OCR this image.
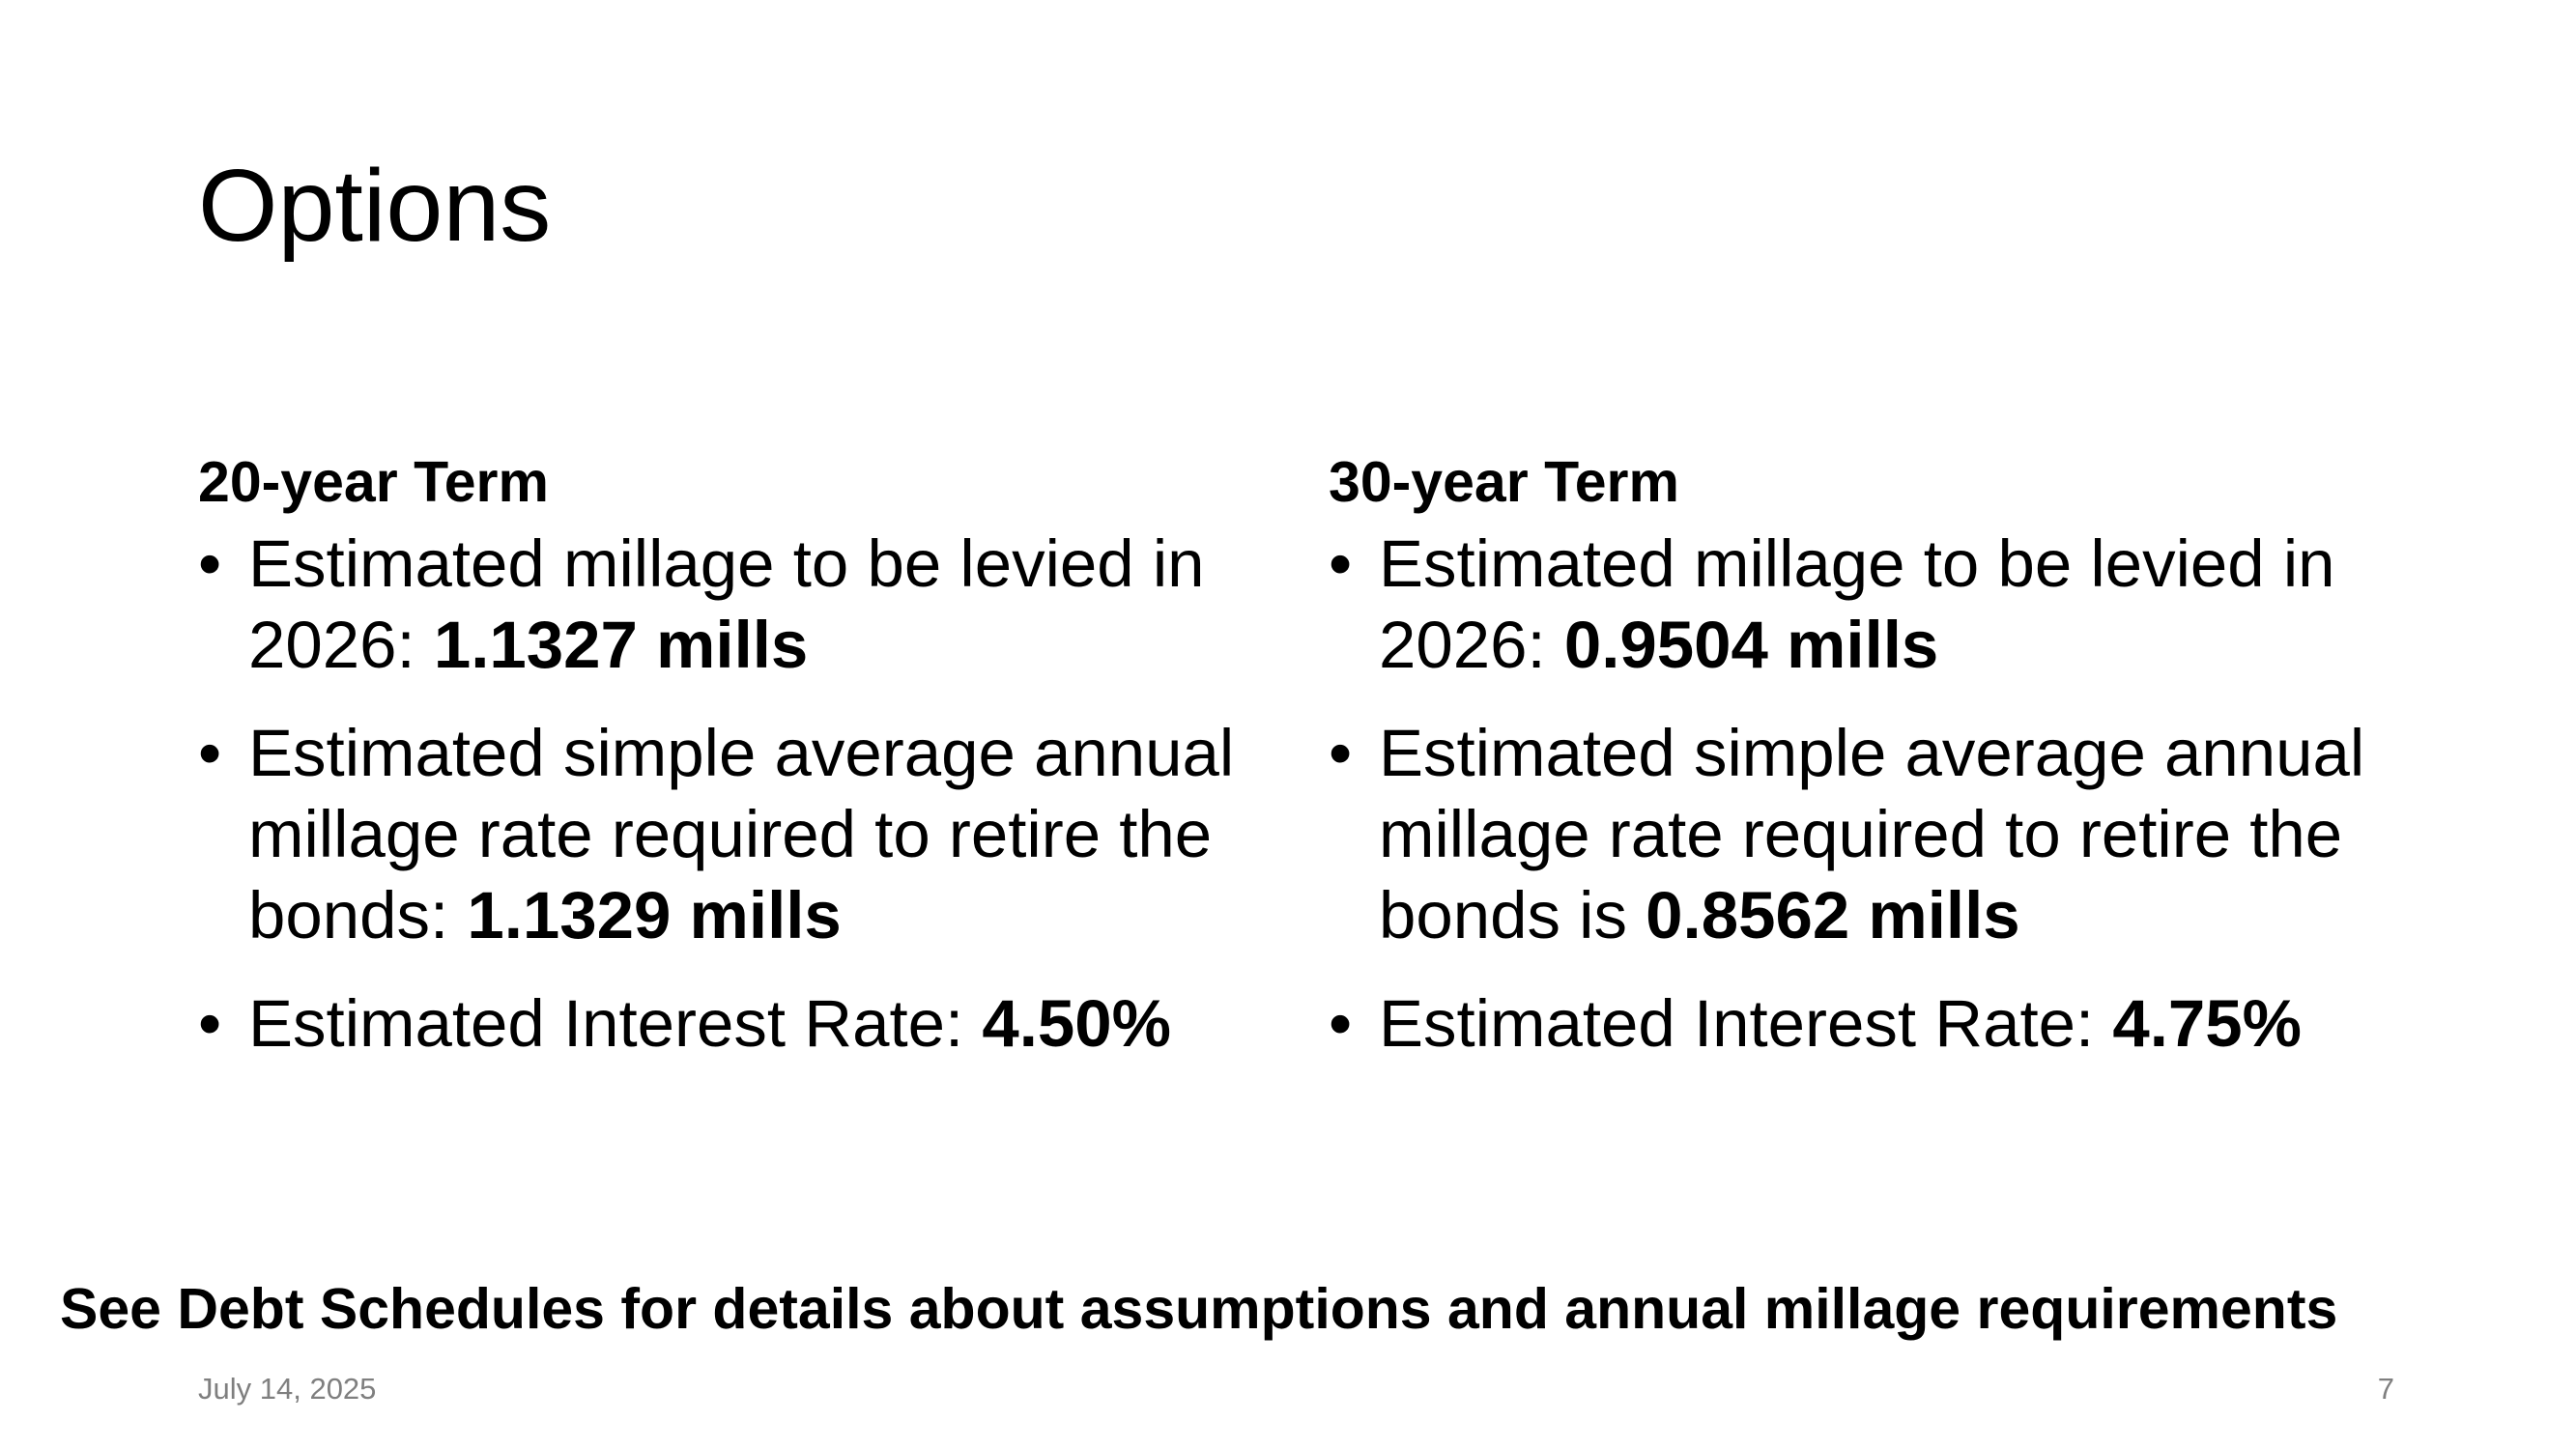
Options
20-year Term
• Estimated millage to be levied in 2026: 1.1327 mills
• Estimated simple average annual millage rate required to retire the bonds: 1.1329 mills
• Estimated Interest Rate: 4.50%
30-year Term
• Estimated millage to be levied in 2026: 0.9504 mills
• Estimated simple average annual millage rate required to retire the bonds is 0.8562 mills
• Estimated Interest Rate: 4.75%
See Debt Schedules for details about assumptions and annual millage requirements
July 14, 2025	7
